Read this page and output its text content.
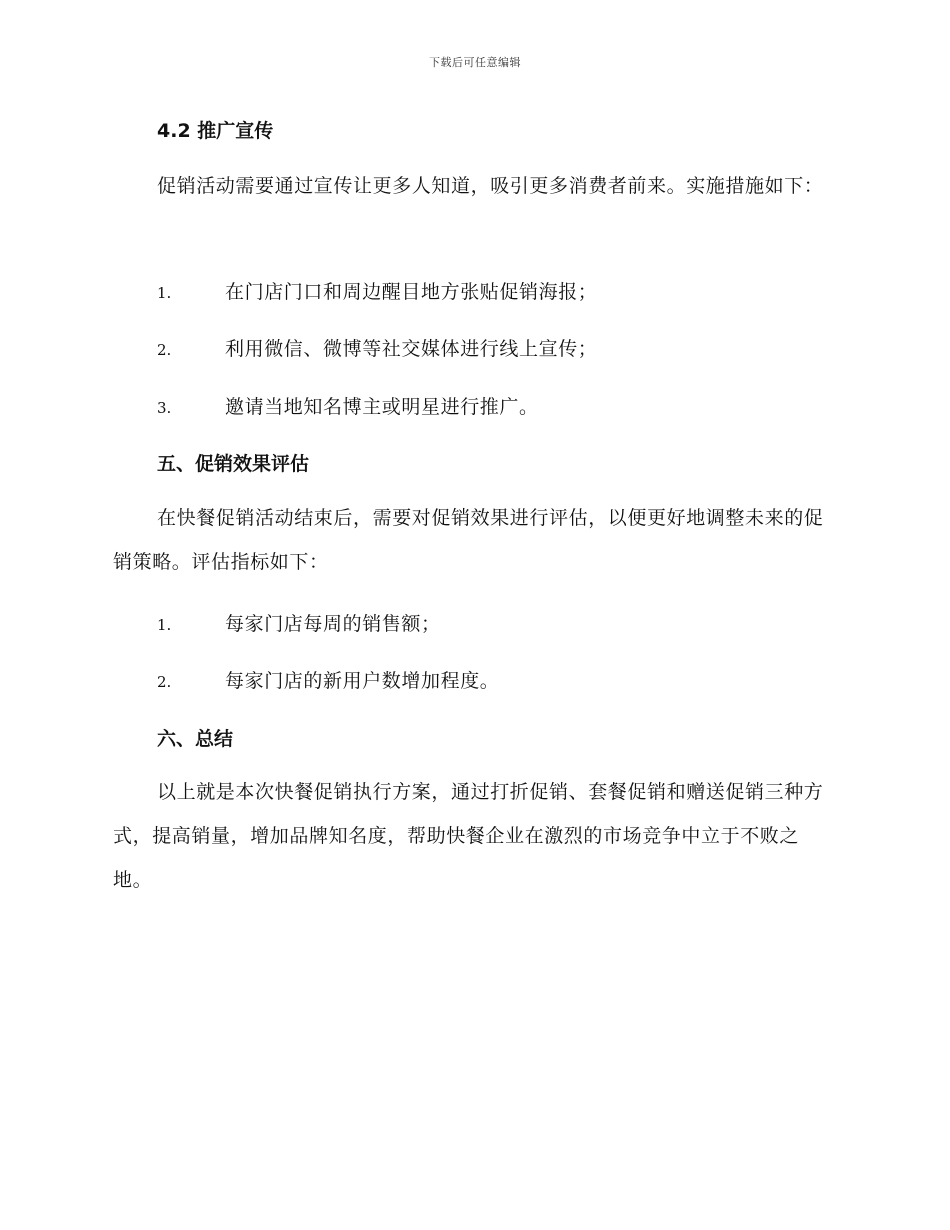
下载后可任意编辑
4.2 推广宣传

促销活动需要通过宣传让更多人知道，吸引更多消费者前来。实施措施如下：

1.	在门店门口和周边醒目地方张贴促销海报；
2.	利用微信、微博等社交媒体进行线上宣传；
3.	邀请当地知名博主或明星进行推广。
五、促销效果评估

在快餐促销活动结束后，需要对促销效果进行评估，以便更好地调整未来的促销策略。评估指标如下：

1.	每家门店每周的销售额；
2.	每家门店的新用户数增加程度。
六、总结

以上就是本次快餐促销执行方案，通过打折促销、套餐促销和赠送促销三种方式，提高销量，增加品牌知名度，帮助快餐企业在激烈的市场竞争中立于不败之地。
